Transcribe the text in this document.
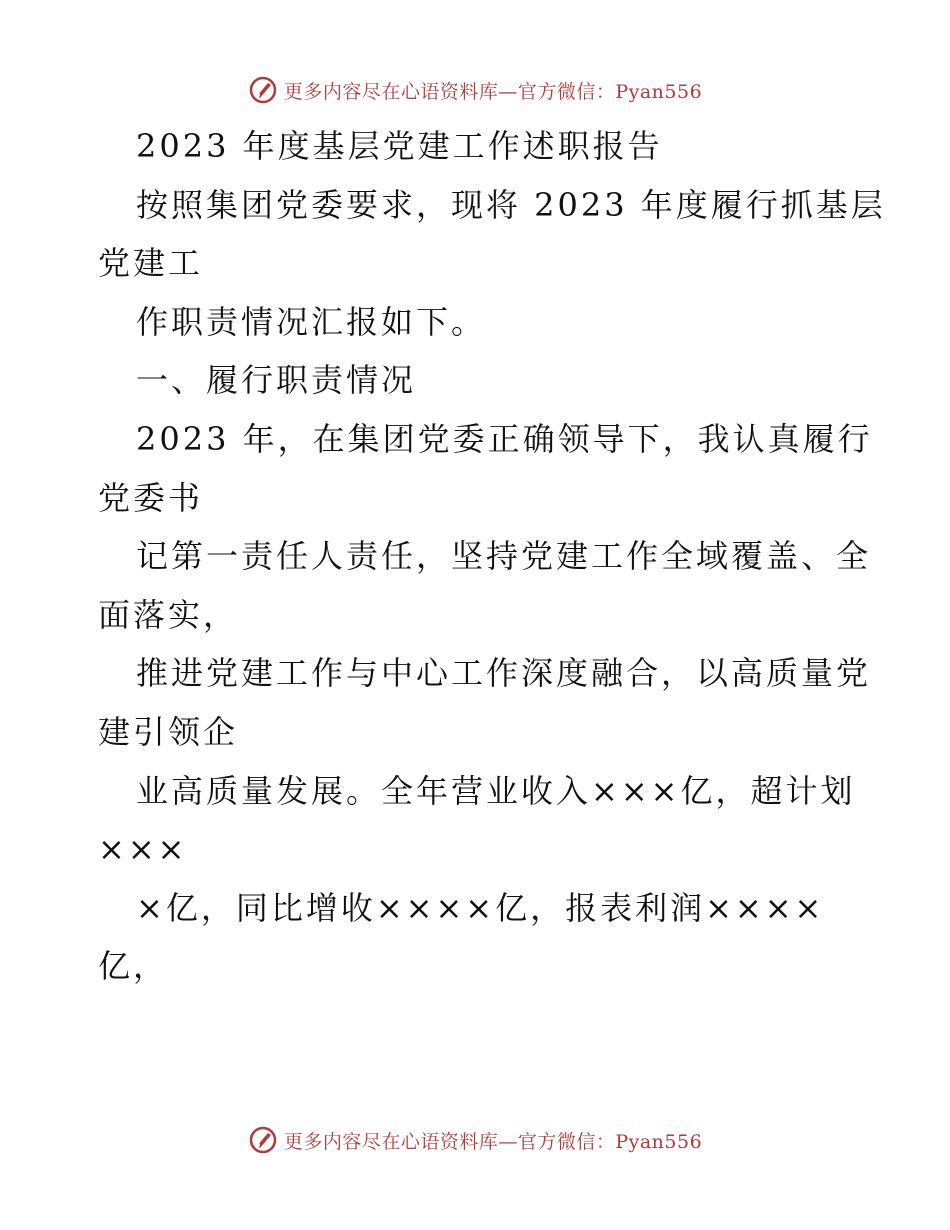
更多内容尽在心语资料库—官方微信：Pyan556
2023 年度基层党建工作述职报告
按照集团党委要求，现将 2023 年度履行抓基层
党建工
作职责情况汇报如下。
一、履行职责情况
2023 年，在集团党委正确领导下，我认真履行
党委书
记第一责任人责任，坚持党建工作全域覆盖、全
面落实，
推进党建工作与中心工作深度融合，以高质量党
建引领企
业高质量发展。全年营业收入×××亿，超计划
×××
×亿，同比增收××××亿，报表利润××××
亿，
更多内容尽在心语资料库—官方微信：Pyan556
